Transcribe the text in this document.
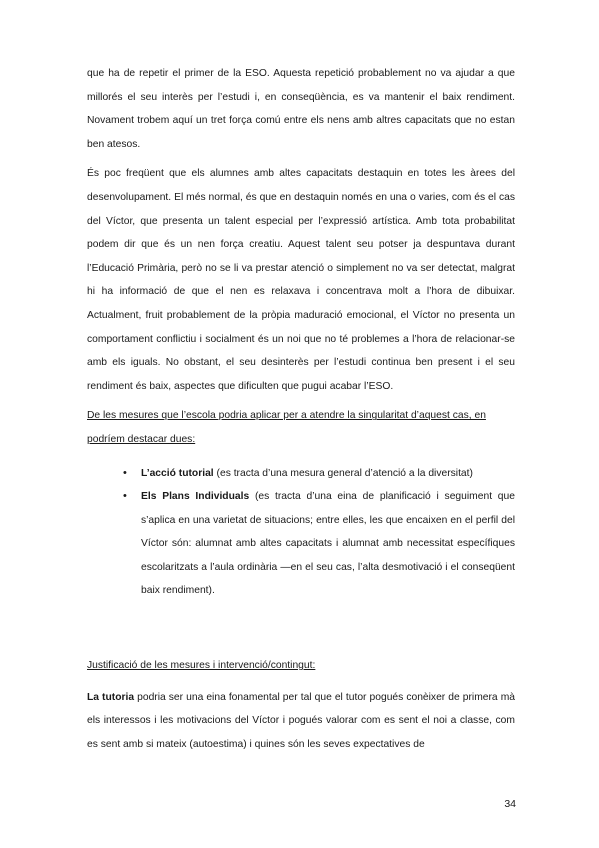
que ha de repetir el primer de la ESO. Aquesta repetició probablement no va ajudar a que millorés el seu interès per l’estudi i, en conseqüència, es va mantenir el baix rendiment. Novament trobem aquí un tret força comú entre els nens amb altres capacitats que no estan ben atesos.

És poc freqüent que els alumnes amb altes capacitats destaquin en totes les àrees del desenvolupament. El més normal, és que en destaquin només en una o varies, com és el cas del Víctor, que presenta un talent especial per l’expressió artística. Amb tota probabilitat podem dir que és un nen força creatiu. Aquest talent seu potser ja despuntava durant l’Educació Primària, però no se li va prestar atenció o simplement no va ser detectat, malgrat hi ha informació de que el nen es relaxava i concentrava molt a l’hora de dibuixar. Actualment, fruit probablement de la pròpia maduració emocional, el Víctor no presenta un comportament conflictiu i socialment és un noi que no té problemes a l’hora de relacionar-se amb els iguals. No obstant, el seu desinterès per l’estudi continua ben present i el seu rendiment és baix, aspectes que dificulten que pugui acabar l’ESO.

De les mesures que l’escola podria aplicar per a atendre la singularitat d’aquest cas, en podríem destacar dues:

• L’acció tutorial (es tracta d’una mesura general d’atenció a la diversitat)
• Els Plans Individuals (es tracta d’una eina de planificació i seguiment que s’aplica en una varietat de situacions; entre elles, les que encaixen en el perfil del Víctor són: alumnat amb altes capacitats i alumnat amb necessitat específiques escolaritzats a l’aula ordinària —en el seu cas, l’alta desmotivació i el conseqüent baix rendiment).

Justificació de les mesures i intervenció/contingut:

La tutoria podria ser una eina fonamental per tal que el tutor pogués conèixer de primera mà els interessos i les motivacions del Víctor i pogués valorar com es sent el noi a classe, com es sent amb si mateix (autoestima) i quines són les seves expectatives de

34
